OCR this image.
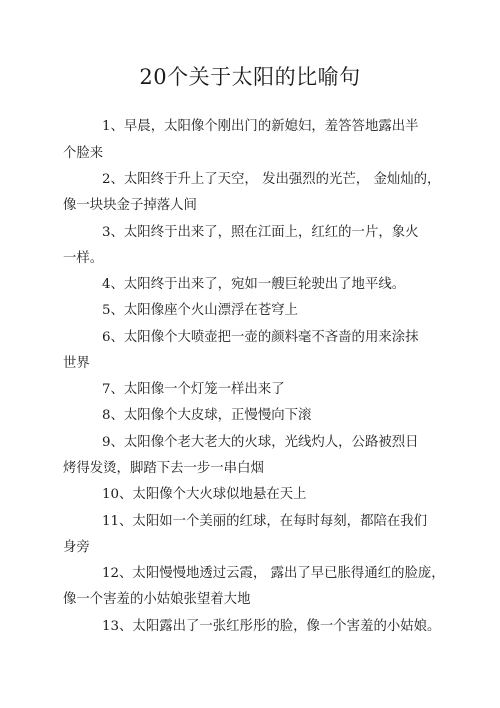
20个关于太阳的比喻句
1、早晨，太阳像个刚出门的新媳妇，羞答答地露出半
个脸来
2、太阳终于升上了天空， 发出强烈的光芒， 金灿灿的，
像一块块金子掉落人间
3、太阳终于出来了，照在江面上，红红的一片，象火
一样。
4、太阳终于出来了，宛如一艘巨轮驶出了地平线。
5、太阳像座个火山漂浮在苍穹上
6、太阳像个大喷壶把一壶的颜料毫不吝啬的用来涂抹
世界
7、太阳像一个灯笼一样出来了
8、太阳像个大皮球，正慢慢向下滚
9、太阳像个老大老大的火球，光线灼人，公路被烈日
烤得发烫，脚踏下去一步一串白烟
10、太阳像个大火球似地悬在天上
11、太阳如一个美丽的红球，在每时每刻，都陪在我们
身旁
12、太阳慢慢地透过云霞， 露出了早已胀得通红的脸庞，
像一个害羞的小姑娘张望着大地
13、太阳露出了一张红彤彤的脸，像一个害羞的小姑娘。
